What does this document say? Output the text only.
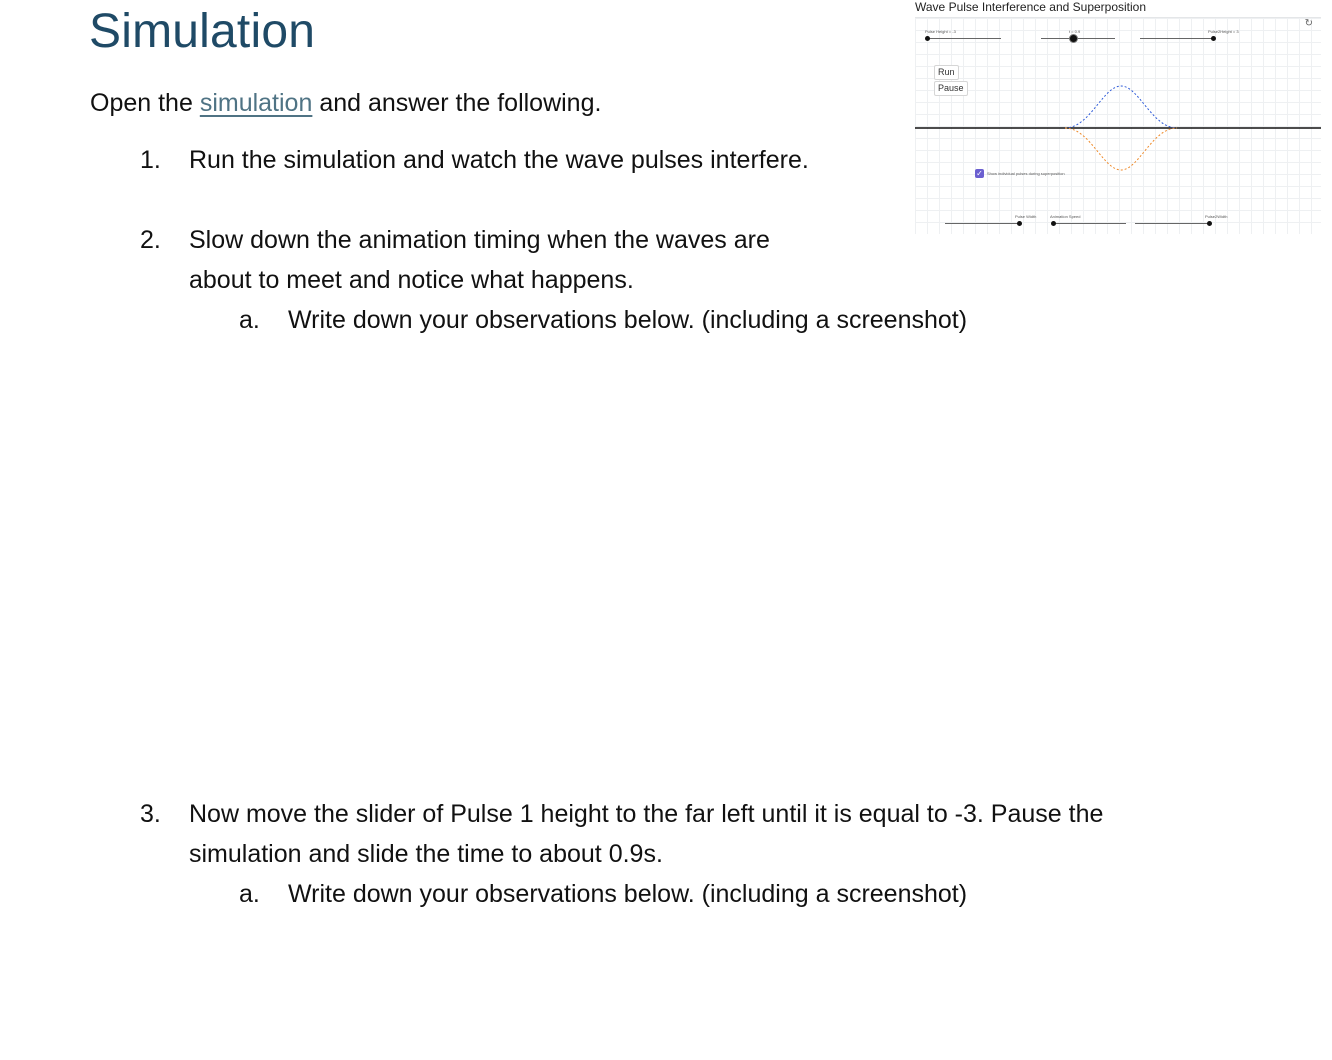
Simulation
Open the simulation and answer the following.
1. Run the simulation and watch the wave pulses interfere.
2. Slow down the animation timing when the waves are
about to meet and notice what happens.
a. Write down your observations below. (including a screenshot)
3. Now move the slider of Pulse 1 height to the far left until it is equal to -3. Pause the
simulation and slide the time to about 0.9s.
a. Write down your observations below. (including a screenshot)
Wave Pulse Interference and Superposition
↻
Pulse Height = -3	t = 0.9	Pulse2Height = 3
Run
Pause
✓ Show individual pulses during superposition
Pulse Width	Animation Speed	Pulse2Width
